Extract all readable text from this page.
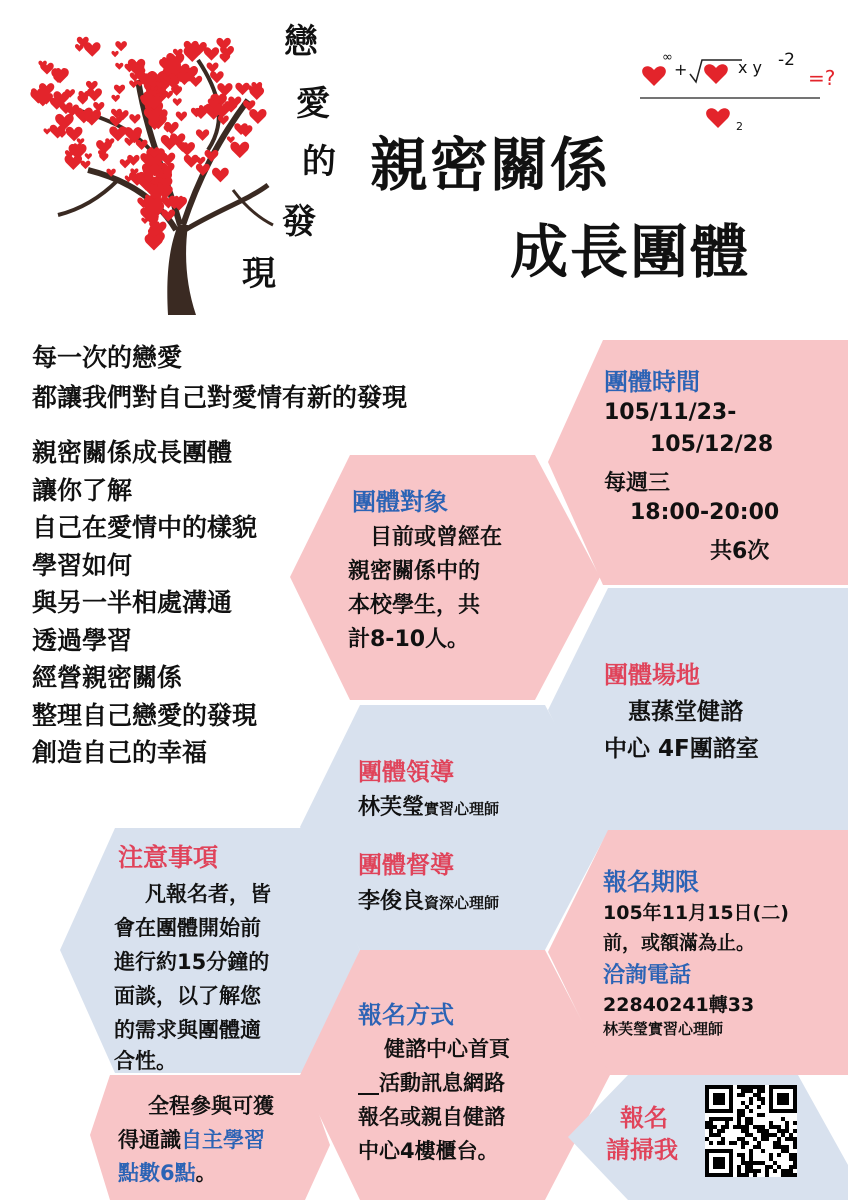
戀
愛
的
發
現
∞
+	x y -2
=?
2
親密關係
成長團體
每一次的戀愛
都讓我們對自己對愛情有新的發現
親密關係成長團體
讓你了解
自己在愛情中的樣貌
學習如何
與另一半相處溝通
透過學習
經營親密關係
整理自己戀愛的發現
創造自己的幸福
團體時間
105/11/23-
105/12/28
每週三
18:00-20:00
共6次
團體對象
目前或曾經在
親密關係中的
本校學生，共
計8-10人。
團體場地
惠蓀堂健諮
中心 4F團諮室
團體領導
林芙瑩實習心理師
團體督導
李俊良資深心理師
注意事項
凡報名者，皆
會在團體開始前
進行約15分鐘的
面談，以了解您
的需求與團體適
合性。
報名期限
105年11月15日(二)
前，或額滿為止。
洽詢電話
22840241轉33
林芙瑩實習心理師
報名方式
健諮中心首頁
__活動訊息網路
報名或親自健諮
中心4樓櫃台。
全程參與可獲
得通識自主學習
點數6點。
報名
請掃我
